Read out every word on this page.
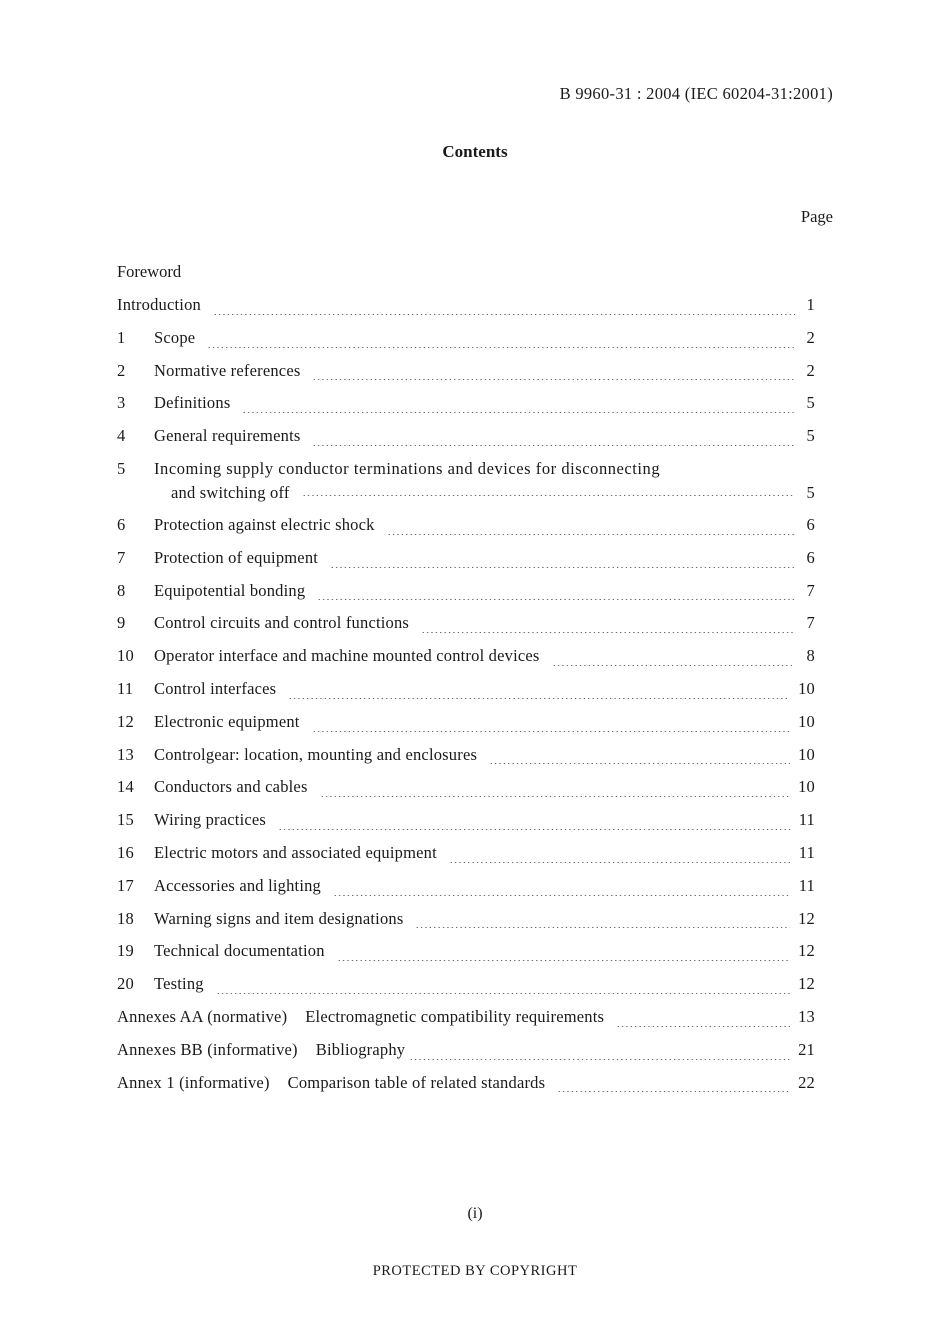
B 9960-31 : 2004 (IEC 60204-31:2001)
Contents
Page
Foreword
Introduction	1
1	Scope	2
2	Normative references	2
3	Definitions	5
4	General requirements	5
5	Incoming supply conductor terminations and devices for disconnecting
and switching off	5
6	Protection against electric shock	6
7	Protection of equipment	6
8	Equipotential bonding	7
9	Control circuits and control functions	7
10	Operator interface and machine mounted control devices	8
11	Control interfaces	10
12	Electronic equipment	10
13	Controlgear: location, mounting and enclosures	10
14	Conductors and cables	10
15	Wiring practices	11
16	Electric motors and associated equipment	11
17	Accessories and lighting	11
18	Warning signs and item designations	12
19	Technical documentation	12
20	Testing	12
Annexes AA (normative) Electromagnetic compatibility requirements	13
Annexes BB (informative) Bibliography	21
Annex 1 (informative) Comparison table of related standards	22
(i)
PROTECTED BY COPYRIGHT
